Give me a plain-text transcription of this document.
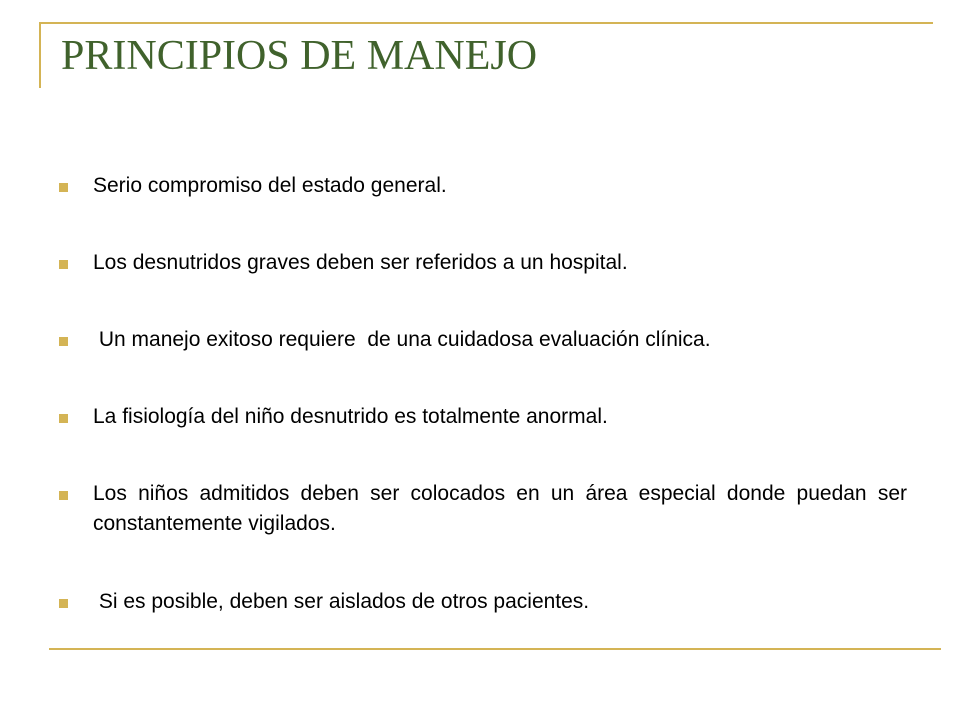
PRINCIPIOS DE MANEJO
Serio compromiso del estado general.
Los desnutridos graves deben ser referidos a un hospital.
Un manejo exitoso requiere  de una cuidadosa evaluación clínica.
La fisiología del niño desnutrido es totalmente anormal.
Los niños admitidos deben ser colocados en un área especial donde puedan ser constantemente vigilados.
Si es posible, deben ser aislados de otros pacientes.
